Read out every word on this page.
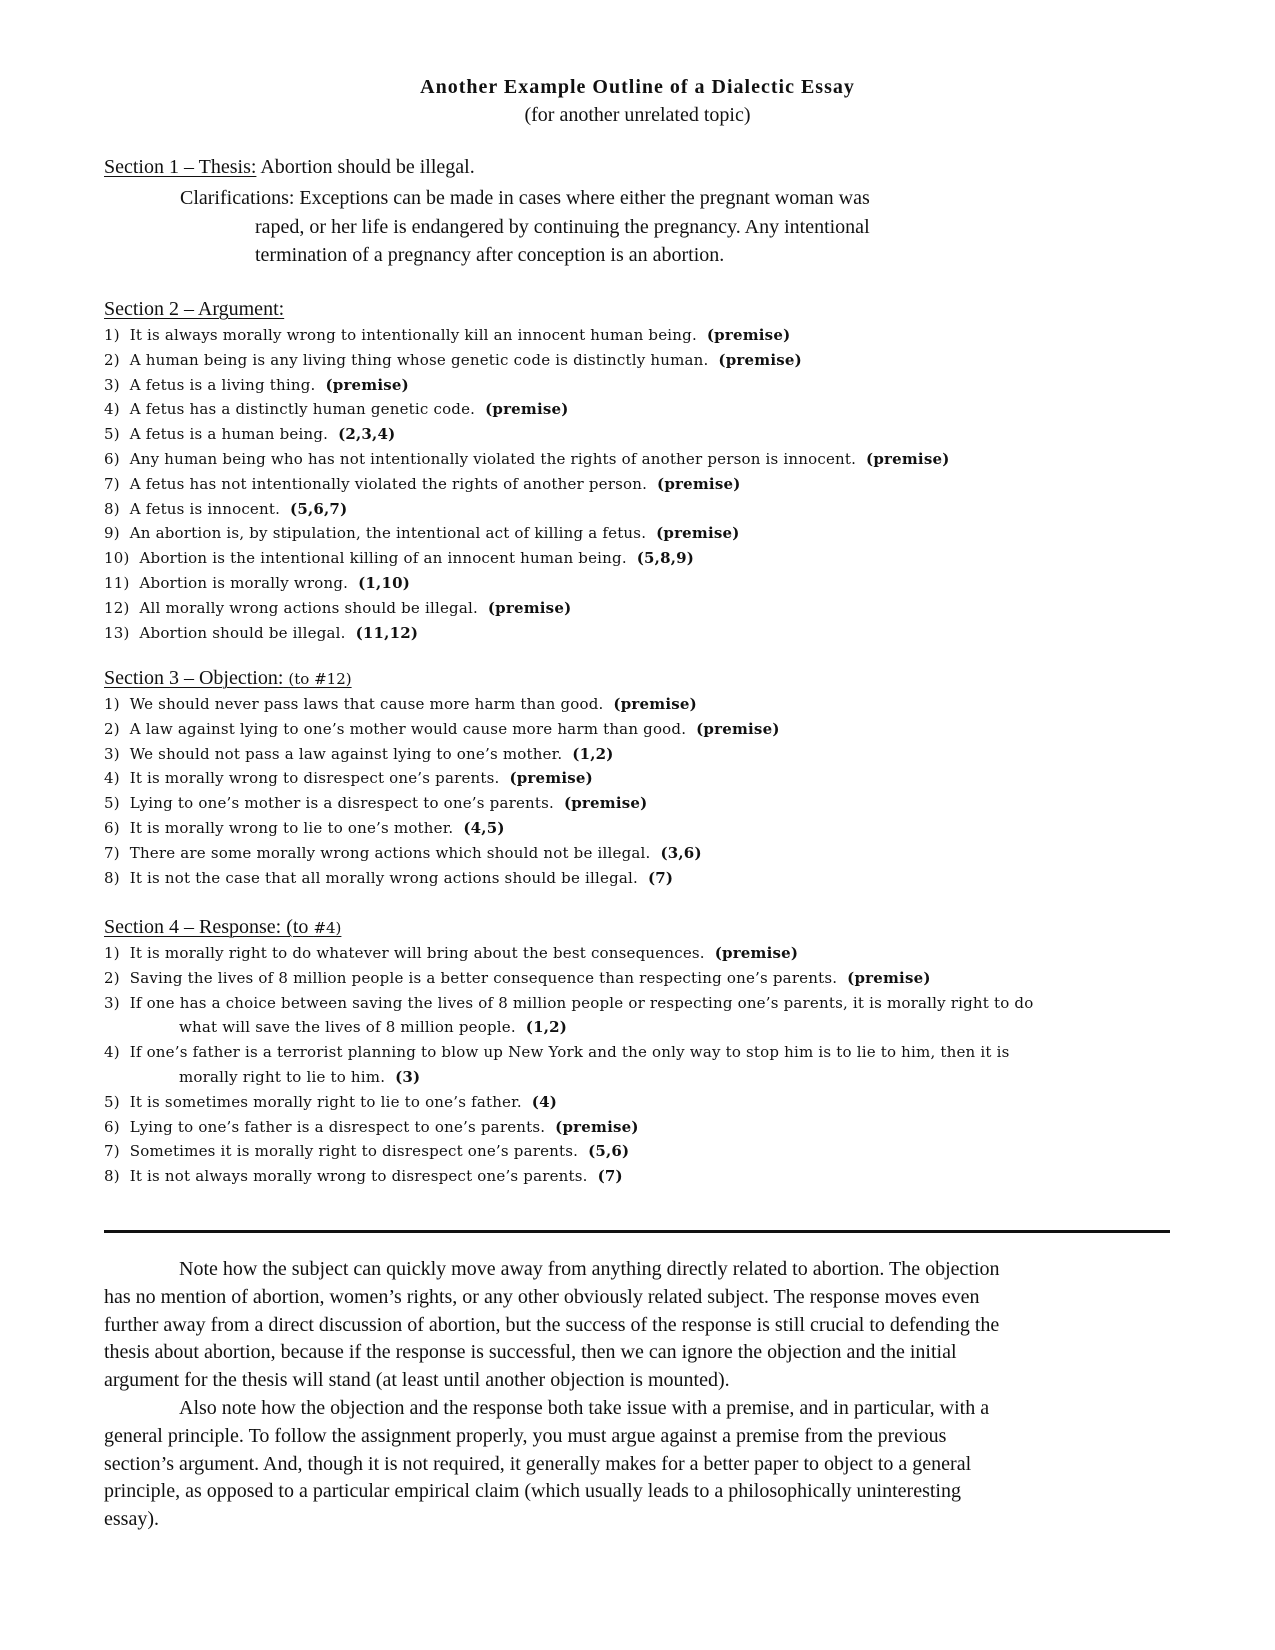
Another Example Outline of a Dialectic Essay
(for another unrelated topic)
Section 1 – Thesis: Abortion should be illegal.
Clarifications: Exceptions can be made in cases where either the pregnant woman was
raped, or her life is endangered by continuing the pregnancy. Any intentional
termination of a pregnancy after conception is an abortion.
Section 2 – Argument:
1) It is always morally wrong to intentionally kill an innocent human being. (premise)
2) A human being is any living thing whose genetic code is distinctly human. (premise)
3) A fetus is a living thing. (premise)
4) A fetus has a distinctly human genetic code. (premise)
5) A fetus is a human being. (2,3,4)
6) Any human being who has not intentionally violated the rights of another person is innocent. (premise)
7) A fetus has not intentionally violated the rights of another person. (premise)
8) A fetus is innocent. (5,6,7)
9) An abortion is, by stipulation, the intentional act of killing a fetus. (premise)
10) Abortion is the intentional killing of an innocent human being. (5,8,9)
11) Abortion is morally wrong. (1,10)
12) All morally wrong actions should be illegal. (premise)
13) Abortion should be illegal. (11,12)
Section 3 – Objection: (to #12)
1) We should never pass laws that cause more harm than good. (premise)
2) A law against lying to one’s mother would cause more harm than good. (premise)
3) We should not pass a law against lying to one’s mother. (1,2)
4) It is morally wrong to disrespect one’s parents. (premise)
5) Lying to one’s mother is a disrespect to one’s parents. (premise)
6) It is morally wrong to lie to one’s mother. (4,5)
7) There are some morally wrong actions which should not be illegal. (3,6)
8) It is not the case that all morally wrong actions should be illegal. (7)
Section 4 – Response: (to #4)
1) It is morally right to do whatever will bring about the best consequences. (premise)
2) Saving the lives of 8 million people is a better consequence than respecting one’s parents. (premise)
3) If one has a choice between saving the lives of 8 million people or respecting one’s parents, it is morally right to do
what will save the lives of 8 million people. (1,2)
4) If one’s father is a terrorist planning to blow up New York and the only way to stop him is to lie to him, then it is
morally right to lie to him. (3)
5) It is sometimes morally right to lie to one’s father. (4)
6) Lying to one’s father is a disrespect to one’s parents. (premise)
7) Sometimes it is morally right to disrespect one’s parents. (5,6)
8) It is not always morally wrong to disrespect one’s parents. (7)

Note how the subject can quickly move away from anything directly related to abortion. The objection has no mention of abortion, women’s rights, or any other obviously related subject. The response moves even further away from a direct discussion of abortion, but the success of the response is still crucial to defending the thesis about abortion, because if the response is successful, then we can ignore the objection and the initial argument for the thesis will stand (at least until another objection is mounted).

Also note how the objection and the response both take issue with a premise, and in particular, with a general principle. To follow the assignment properly, you must argue against a premise from the previous section’s argument. And, though it is not required, it generally makes for a better paper to object to a general principle, as opposed to a particular empirical claim (which usually leads to a philosophically uninteresting essay).
